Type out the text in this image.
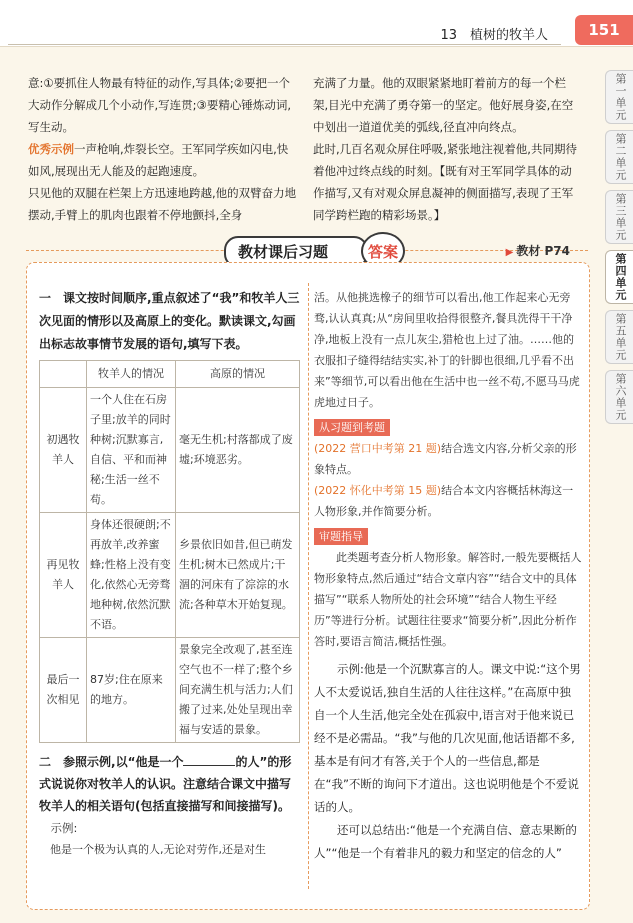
13　植树的牧羊人	151
第一单元
第二单元
第三单元
第四单元
第五单元
第六单元

意:①要抓住人物最有特征的动作,写具体;②要把一个大动作分解成几个小动作,写连贯;③要精心锤炼动词,写生动。

优秀示例一声枪响,炸裂长空。王军同学疾如闪电,快如风,展现出无人能及的起跑速度。

只见他的双腿在栏架上方迅速地跨越,他的双臂奋力地摆动,手臂上的肌肉也跟着不停地颤抖,全身

充满了力量。他的双眼紧紧地盯着前方的每一个栏架,目光中充满了勇夺第一的坚定。他好展身姿,在空中划出一道道优美的弧线,径直冲向终点。

此时,几百名观众屏住呼吸,紧张地注视着他,共同期待着他冲过终点线的时刻。【既有对王军同学具体的动作描写,又有对观众屏息凝神的侧面描写,表现了王军同学跨栏跑的精彩场景。】

教材课后习题	答案	▶ 教材 P74

一　 课文按时间顺序,重点叙述了“我”和牧羊人三次见面的情形以及高原上的变化。默读课文,勾画出标志故事情节发展的语句,填写下表。

	牧羊人的情况	高原的情况
初遇牧羊人	一个人住在石房子里;放羊的同时种树;沉默寡言,自信、平和而神秘;生活一丝不苟。	毫无生机;村落都成了废墟;环境恶劣。
再见牧羊人	身体还很硬朗;不再放羊,改养蜜蜂;性格上没有变化,依然心无旁骛地种树,依然沉默不语。	乡景依旧如昔,但已萌发生机;树木已然成片;干涸的河床有了淙淙的水流;各种草木开始复现。
最后一次相见	87岁;住在原来的地方。	景象完全改观了,甚至连空气也不一样了;整个乡间充满生机与活力;人们搬了过来,处处呈现出幸福与安适的景象。

二　 参照示例,以“他是一个	的人”的形式说说你对牧羊人的认识。注意结合课文中描写牧羊人的相关语句(包括直接描写和间接描写)。

示例:

他是一个极为认真的人,无论对劳作,还是对生

活。从他挑选橡子的细节可以看出,他工作起来心无旁骛,认认真真;从“房间里收拾得很整齐,餐具洗得干干净净,地板上没有一点儿灰尘,猎枪也上过了油。……他的衣服扣子缝得结结实实,补丁的针脚也很细,几乎看不出来”等细节,可以看出他在生活中也一丝不苟,不愿马马虎虎地过日子。

从习题到考题

(2022 营口中考第 21 题)结合选文内容,分析父亲的形象特点。

(2022 怀化中考第 15 题)结合本文内容概括林海这一人物形象,并作简要分析。

审题指导

此类题考查分析人物形象。解答时,一般先要概括人物形象特点,然后通过“结合文章内容”“结合文中的具体描写”“联系人物所处的社会环境”“结合人物生平经历”等进行分析。试题往往要求“简要分析”,因此分析作答时,要语言简洁,概括性强。

示例:他是一个沉默寡言的人。课文中说:“这个男人不太爱说话,独自生活的人往往这样。”在高原中独自一个人生活,他完全处在孤寂中,语言对于他来说已经不是必需品。“我”与他的几次见面,他话语都不多,基本是有问才有答,关于个人的一些信息,都是在“我”不断的询问下才道出。这也说明他是个不爱说话的人。

还可以总结出:“他是一个充满自信、意志果断的人”“他是一个有着非凡的毅力和坚定的信念的人”
